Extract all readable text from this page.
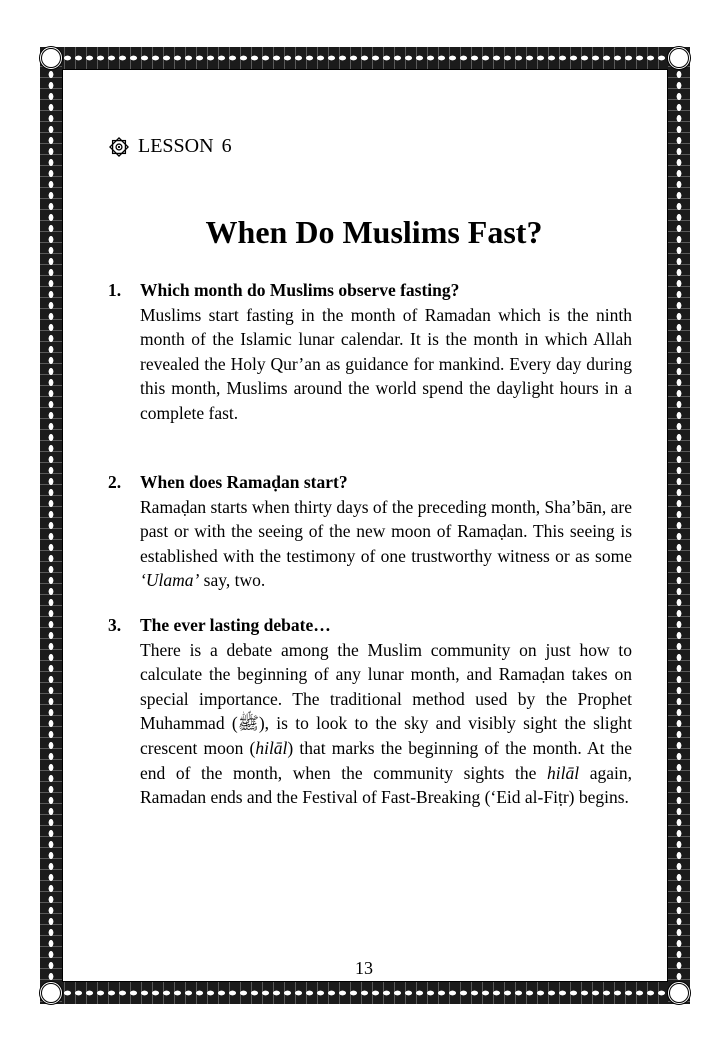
LESSON 6
When Do Muslims Fast?
1.	Which month do Muslims observe fasting?
Muslims start fasting in the month of Ramadan which is the ninth month of the Islamic lunar calendar. It is the month in which Allah revealed the Holy Qur’an as guidance for mankind. Every day during this month, Muslims around the world spend the daylight hours in a complete fast.
2.	When does Ramaḍan start?
Ramaḍan starts when thirty days of the preceding month, Sha’bān, are past or with the seeing of the new moon of Ramaḍan. This seeing is established with the testimony of one trustworthy witness or as some ‘Ulama’ say, two.
3.	The ever lasting debate…
There is a debate among the Muslim community on just how to calculate the beginning of any lunar month, and Ramaḍan takes on special importance. The traditional method used by the Prophet Muhammad (ﷺ), is to look to the sky and visibly sight the slight crescent moon (hilāl) that marks the beginning of the month. At the end of the month, when the community sights the hilāl again, Ramadan ends and the Festival of Fast-Breaking (‘Eid al-Fiṭr) begins.
13
